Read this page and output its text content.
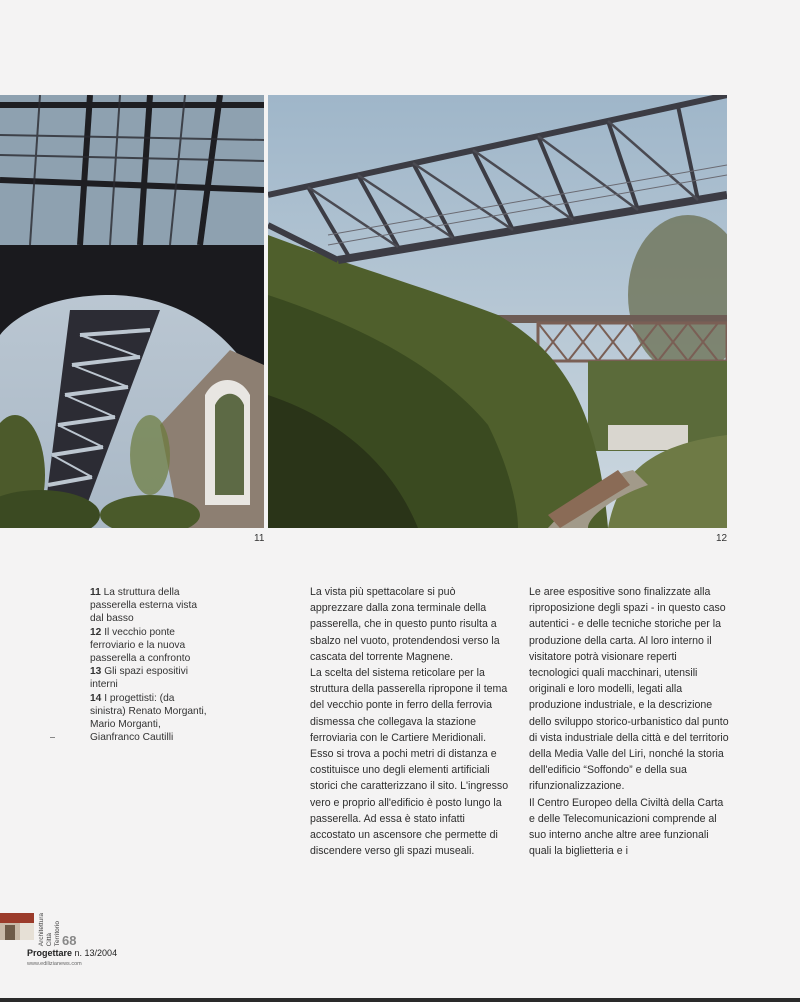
11	12
11 La struttura della passerella esterna vista dal basso
12 Il vecchio ponte ferroviario e la nuova passerella a confronto
13 Gli spazi espositivi interni
14 I progettisti: (da sinistra) Renato Morganti, Mario Morganti, Gianfranco Cautilli

La vista più spettacolare si può apprezzare dalla zona terminale della passerella, che in questo punto risulta a sbalzo nel vuoto, protendendosi verso la cascata del torrente Magnene.

La scelta del sistema reticolare per la struttura della passerella ripropone il tema del vecchio ponte in ferro della ferrovia dismessa che collegava la stazione ferroviaria con le Cartiere Meridionali. Esso si trova a pochi metri di distanza e costituisce uno degli elementi artificiali storici che caratterizzano il sito. L'ingresso vero e proprio all'edificio è posto lungo la passerella. Ad essa è stato infatti accostato un ascensore che permette di discendere verso gli spazi museali.

Le aree espositive sono finalizzate alla riproposizione degli spazi - in questo caso autentici - e delle tecniche storiche per la produzione della carta. Al loro interno il visitatore potrà visionare reperti tecnologici quali macchinari, utensili originali e loro modelli, legati alla produzione industriale, e la descrizione dello sviluppo storico-urbanistico dal punto di vista industriale della città e del territorio della Media Valle del Liri, nonché la storia dell'edificio “Soffondo” e della sua rifunzionalizzazione.

Il Centro Europeo della Civiltà della Carta e delle Telecomunicazioni comprende al suo interno anche altre aree funzionali quali la biglietteria e i

Architettura Città Territorio 68
Progettare n. 13/2004
www.edilizianews.com
